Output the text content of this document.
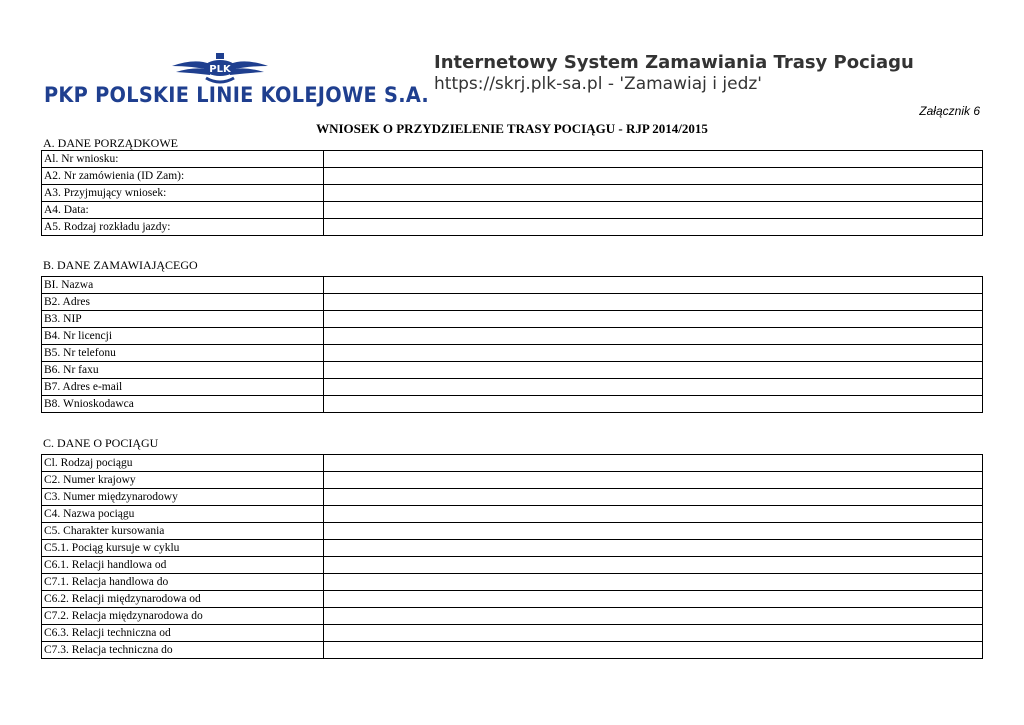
PLK
PKP POLSKIE LINIE KOLEJOWE S.A.
Internetowy System Zamawiania Trasy Pociagu
https://skrj.plk-sa.pl - 'Zamawiaj i jedz'
Załącznik 6
WNIOSEK O PRZYDZIELENIE TRASY POCIĄGU - RJP 2014/2015
A. DANE PORZĄDKOWE
Al. Nr wniosku:	
A2. Nr zamówienia (ID Zam):	
A3. Przyjmujący wniosek:	
A4. Data:	
A5. Rodzaj rozkładu jazdy:	
B. DANE ZAMAWIAJĄCEGO
BI. Nazwa	
B2. Adres	
B3. NIP	
B4. Nr licencji	
B5. Nr telefonu	
B6. Nr faxu	
B7. Adres e-mail	
B8. Wnioskodawca	
C. DANE O POCIĄGU
Cl. Rodzaj pociągu	
C2. Numer krajowy	
C3. Numer międzynarodowy	
C4. Nazwa pociągu	
C5. Charakter kursowania	
C5.1. Pociąg kursuje w cyklu	
C6.1. Relacji handlowa od	
C7.1. Relacja handlowa do	
C6.2. Relacji międzynarodowa od	
C7.2. Relacja międzynarodowa do	
C6.3. Relacji techniczna od	
C7.3. Relacja techniczna do	
